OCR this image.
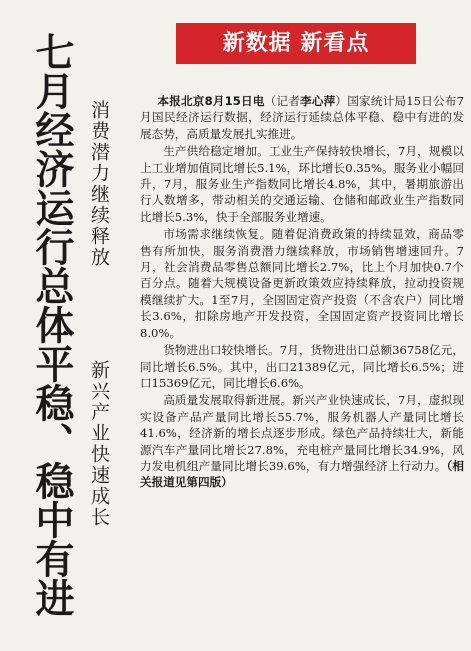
新数据 新看点
七月经济运行总体平稳、稳中有进 消费潜力继续释放
新兴产业快速成长

本报北京8月15日电（记者李心萍）国家统计局15日公布7月国民经济运行数据，经济运行延续总体平稳、稳中有进的发展态势，高质量发展扎实推进。

生产供给稳定增加。工业生产保持较快增长，7月，规模以上工业增加值同比增长5.1%，环比增长0.35%。服务业小幅回升，7月，服务业生产指数同比增长4.8%，其中，暑期旅游出行人数增多，带动相关的交通运输、仓储和邮政业生产指数同比增长5.3%，快于全部服务业增速。

市场需求继续恢复。随着促消费政策的持续显效，商品零售有所加快，服务消费潜力继续释放，市场销售增速回升。7月，社会消费品零售总额同比增长2.7%，比上个月加快0.7个百分点。随着大规模设备更新政策效应持续释放，拉动投资规模继续扩大。1至7月，全国固定资产投资（不含农户）同比增长3.6%，扣除房地产开发投资，全国固定资产投资同比增长8.0%。

货物进出口较快增长。7月，货物进出口总额36758亿元，同比增长6.5%。其中，出口21389亿元，同比增长6.5%；进口15369亿元，同比增长6.6%。

高质量发展取得新进展。新兴产业快速成长，7月，虚拟现实设备产品产量同比增长55.7%，服务机器人产量同比增长41.6%，经济新的增长点逐步形成。绿色产品持续壮大，新能源汽车产量同比增长27.8%，充电桩产量同比增长34.9%，风力发电机组产量同比增长39.6%，有力增强经济上行动力。（相关报道见第四版）
